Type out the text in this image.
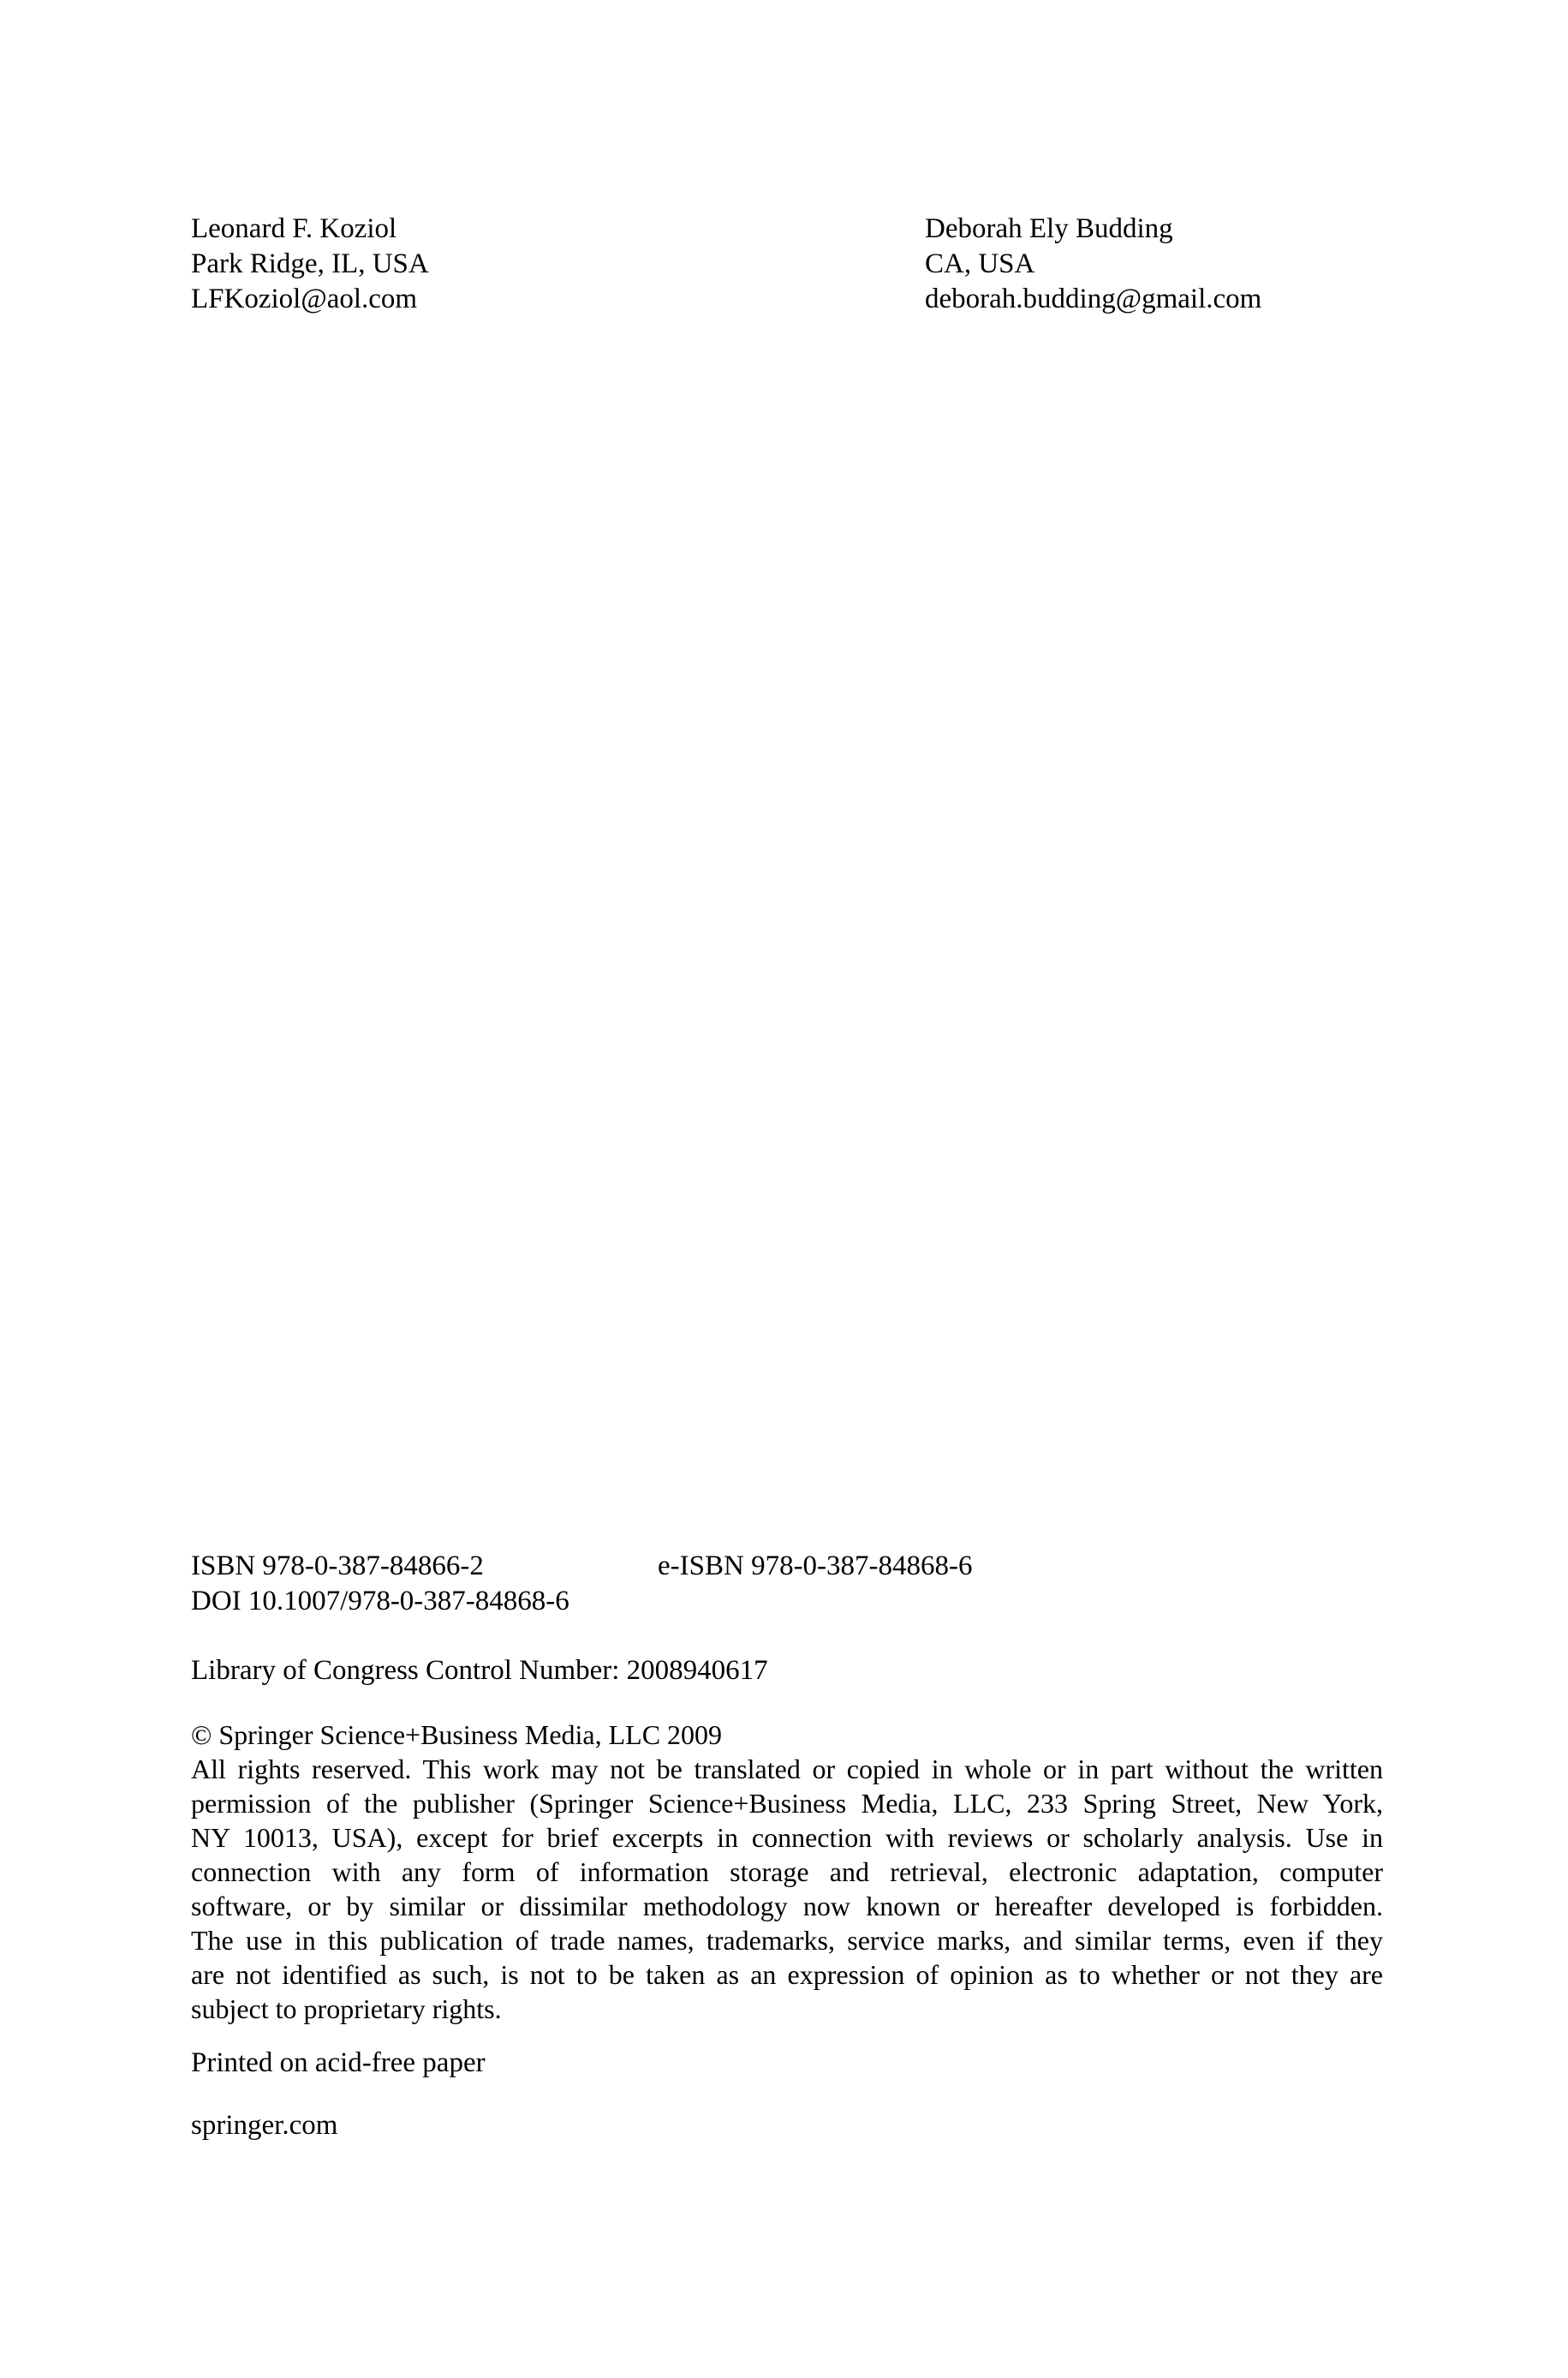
Leonard F. Koziol
Park Ridge, IL, USA
LFKoziol@aol.com
Deborah Ely Budding
CA, USA
deborah.budding@gmail.com
ISBN 978-0-387-84866-2	e-ISBN 978-0-387-84868-6
DOI 10.1007/978-0-387-84868-6
Library of Congress Control Number: 2008940617
© Springer Science+Business Media, LLC 2009
All rights reserved. This work may not be translated or copied in whole or in part without the written
permission of the publisher (Springer Science+Business Media, LLC, 233 Spring Street, New York,
NY 10013, USA), except for brief excerpts in connection with reviews or scholarly analysis. Use in
connection with any form of information storage and retrieval, electronic adaptation, computer
software, or by similar or dissimilar methodology now known or hereafter developed is forbidden.
The use in this publication of trade names, trademarks, service marks, and similar terms, even if they
are not identified as such, is not to be taken as an expression of opinion as to whether or not they are
subject to proprietary rights.
Printed on acid-free paper
springer.com
